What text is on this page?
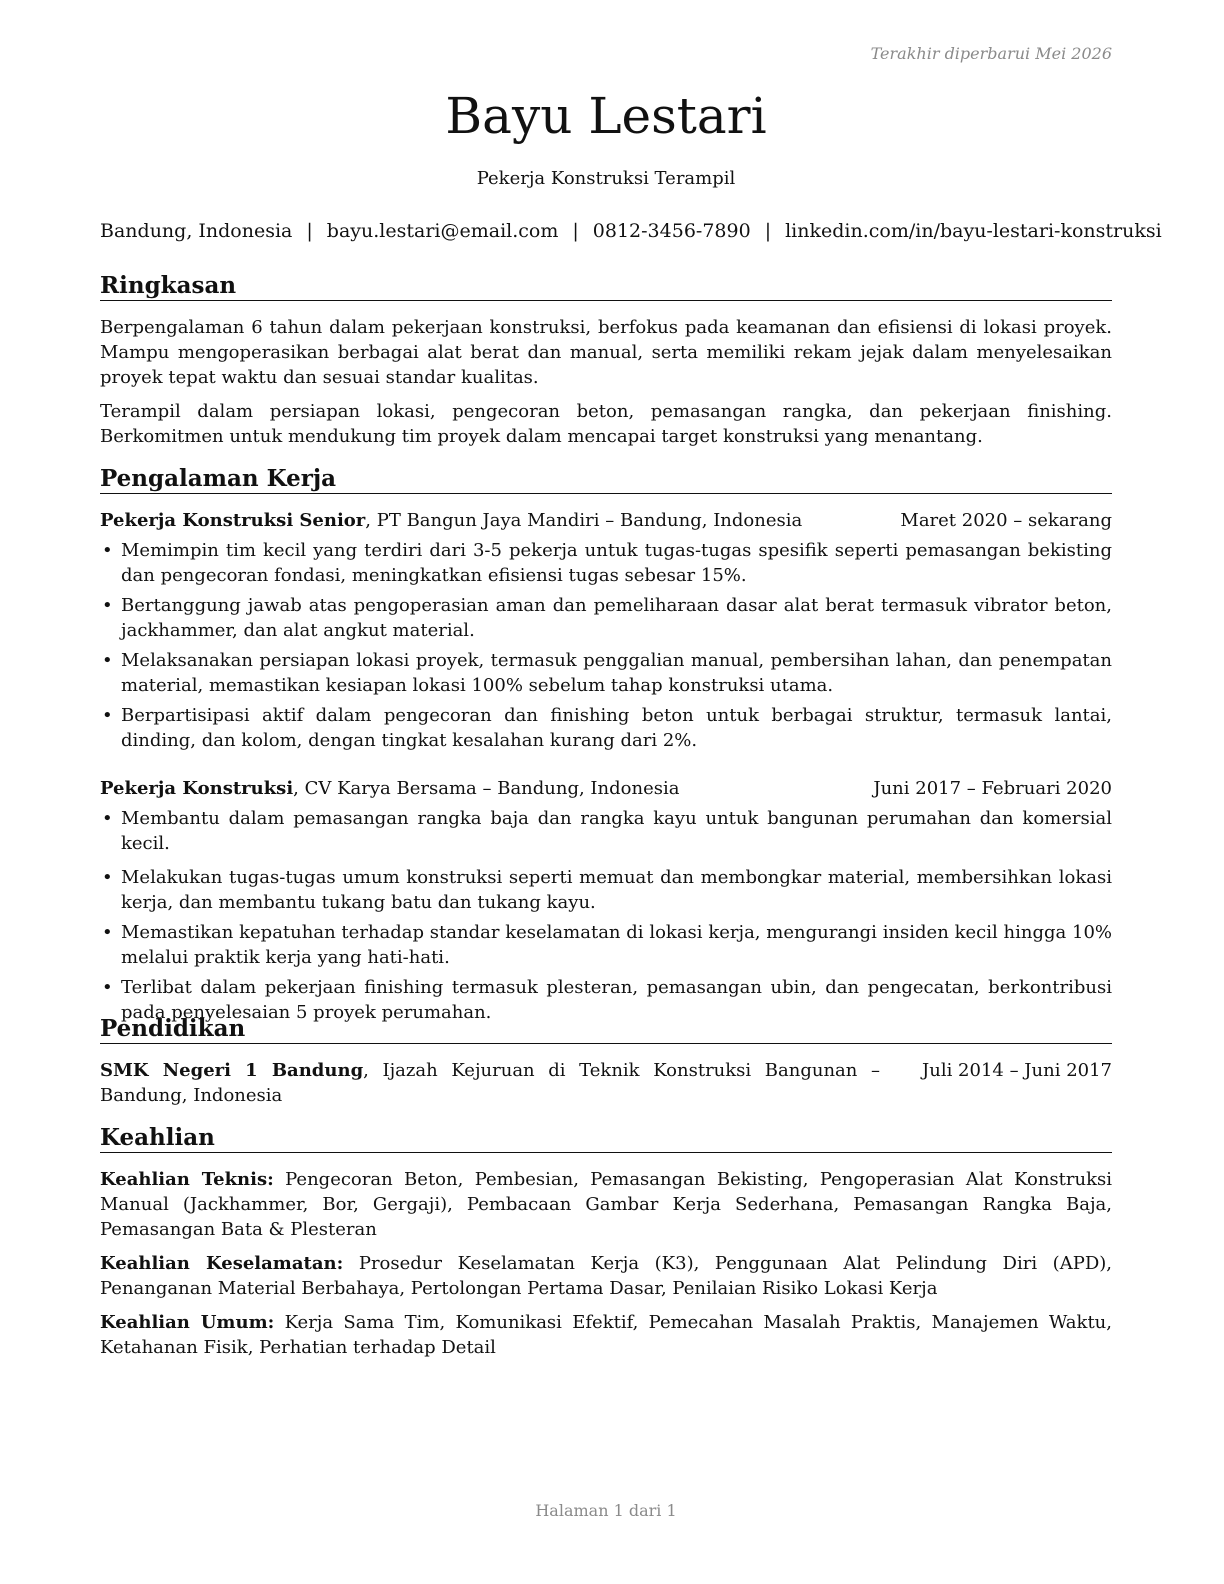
Terakhir diperbarui Mei 2026
Bayu Lestari
Pekerja Konstruksi Terampil
Bandung, Indonesia | bayu.lestari@email.com | 0812-3456-7890 | linkedin.com/in/bayu-lestari-konstruksi
Ringkasan

Berpengalaman 6 tahun dalam pekerjaan konstruksi, berfokus pada keamanan dan efisiensi di lokasi proyek. Mampu mengoperasikan berbagai alat berat dan manual, serta memiliki rekam jejak dalam menyelesaikan proyek tepat waktu dan sesuai standar kualitas.

Terampil dalam persiapan lokasi, pengecoran beton, pemasangan rangka, dan pekerjaan finishing. Berkomitmen untuk mendukung tim proyek dalam mencapai target konstruksi yang menantang.

Pengalaman Kerja
Pekerja Konstruksi Senior, PT Bangun Jaya Mandiri – Bandung, Indonesia	Maret 2020 – sekarang
• Memimpin tim kecil yang terdiri dari 3-5 pekerja untuk tugas-tugas spesifik seperti pemasangan bekisting dan pengecoran fondasi, meningkatkan efisiensi tugas sebesar 15%.
• Bertanggung jawab atas pengoperasian aman dan pemeliharaan dasar alat berat termasuk vibrator beton, jackhammer, dan alat angkut material.
• Melaksanakan persiapan lokasi proyek, termasuk penggalian manual, pembersihan lahan, dan penempatan material, memastikan kesiapan lokasi 100% sebelum tahap konstruksi utama.
• Berpartisipasi aktif dalam pengecoran dan finishing beton untuk berbagai struktur, termasuk lantai, dinding, dan kolom, dengan tingkat kesalahan kurang dari 2%.
Pekerja Konstruksi, CV Karya Bersama – Bandung, Indonesia	Juni 2017 – Februari 2020
• Membantu dalam pemasangan rangka baja dan rangka kayu untuk bangunan perumahan dan komersial kecil.
• Melakukan tugas-tugas umum konstruksi seperti memuat dan membongkar material, membersihkan lokasi kerja, dan membantu tukang batu dan tukang kayu.
• Memastikan kepatuhan terhadap standar keselamatan di lokasi kerja, mengurangi insiden kecil hingga 10% melalui praktik kerja yang hati-hati.
• Terlibat dalam pekerjaan finishing termasuk plesteran, pemasangan ubin, dan pengecatan, berkontribusi pada penyelesaian 5 proyek perumahan.
Pendidikan
SMK Negeri 1 Bandung, Ijazah Kejuruan di Teknik Konstruksi Bangunan – Bandung, Indonesia
Juli 2014 – Juni 2017
Keahlian
Keahlian Teknis: Pengecoran Beton, Pembesian, Pemasangan Bekisting, Pengoperasian Alat Konstruksi Manual (Jackhammer, Bor, Gergaji), Pembacaan Gambar Kerja Sederhana, Pemasangan Rangka Baja, Pemasangan Bata & Plesteran
Keahlian Keselamatan: Prosedur Keselamatan Kerja (K3), Penggunaan Alat Pelindung Diri (APD), Penanganan Material Berbahaya, Pertolongan Pertama Dasar, Penilaian Risiko Lokasi Kerja
Keahlian Umum: Kerja Sama Tim, Komunikasi Efektif, Pemecahan Masalah Praktis, Manajemen Waktu, Ketahanan Fisik, Perhatian terhadap Detail
Halaman 1 dari 1
